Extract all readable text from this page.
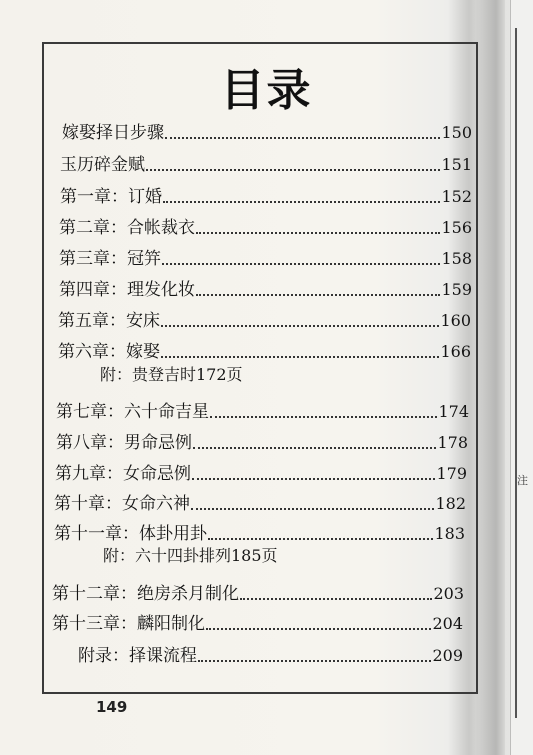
注
目录
嫁娶择日步骤	150
玉历碎金赋	151
第一章：订婚	152
第二章：合帐裁衣	156
第三章：冠笄	158
第四章：理发化妆	159
第五章：安床	160
第六章：嫁娶	166
附：贵登吉时172页
第七章：六十命吉星	174
第八章：男命忌例	178
第九章：女命忌例	179
第十章：女命六神	182
第十一章：体卦用卦	183
附：六十四卦排列185页
第十二章：绝房杀月制化	203
第十三章：麟阳制化	204
附录：择课流程	209
149
